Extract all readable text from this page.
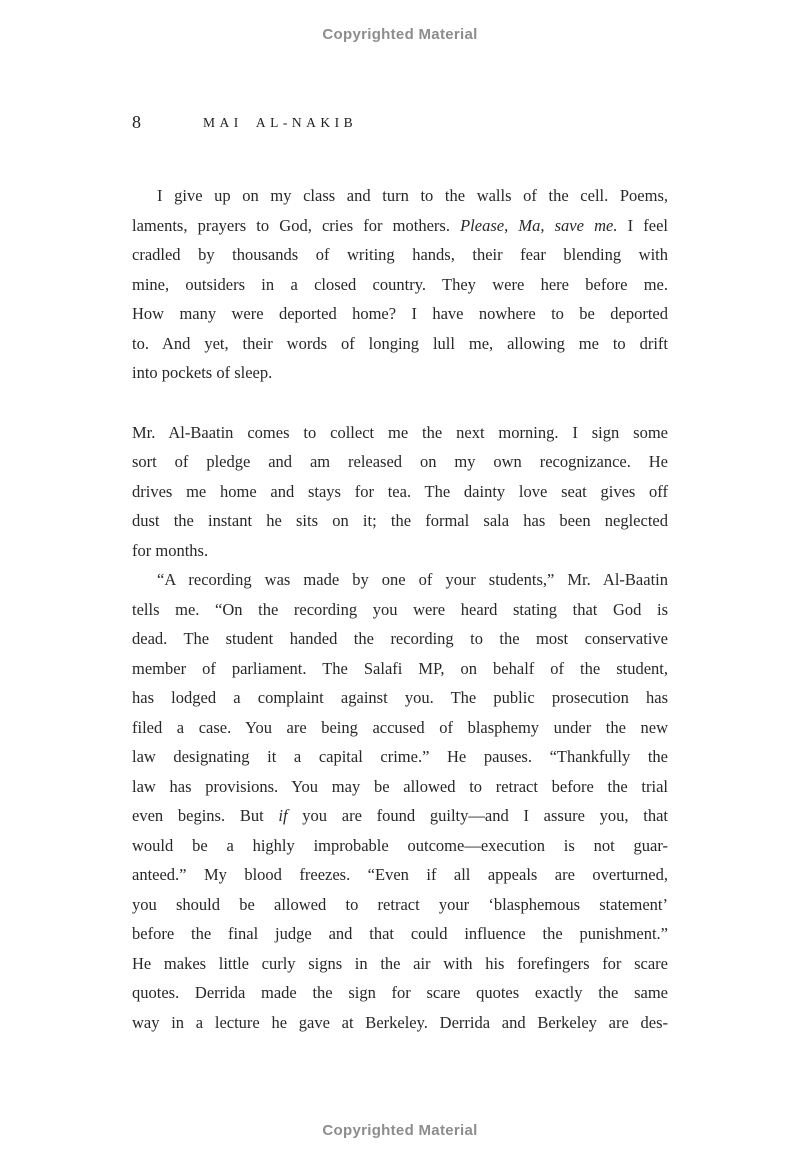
Copyrighted Material
8	MAI AL-NAKIB
I give up on my class and turn to the walls of the cell. Poems,
laments, prayers to God, cries for mothers. Please, Ma, save me. I feel
cradled by thousands of writing hands, their fear blending with
mine, outsiders in a closed country. They were here before me.
How many were deported home? I have nowhere to be deported
to. And yet, their words of longing lull me, allowing me to drift
into pockets of sleep.
Mr. Al-Baatin comes to collect me the next morning. I sign some
sort of pledge and am released on my own recognizance. He
drives me home and stays for tea. The dainty love seat gives off
dust the instant he sits on it; the formal sala has been neglected
for months.
“A recording was made by one of your students,” Mr. Al-Baatin
tells me. “On the recording you were heard stating that God is
dead. The student handed the recording to the most conservative
member of parliament. The Salafi MP, on behalf of the student,
has lodged a complaint against you. The public prosecution has
filed a case. You are being accused of blasphemy under the new
law designating it a capital crime.” He pauses. “Thankfully the
law has provisions. You may be allowed to retract before the trial
even begins. But if you are found guilty—and I assure you, that
would be a highly improbable outcome—execution is not guar-
anteed.” My blood freezes. “Even if all appeals are overturned,
you should be allowed to retract your ‘blasphemous statement’
before the final judge and that could influence the punishment.”
He makes little curly signs in the air with his forefingers for scare
quotes. Derrida made the sign for scare quotes exactly the same
way in a lecture he gave at Berkeley. Derrida and Berkeley are des-
Copyrighted Material
